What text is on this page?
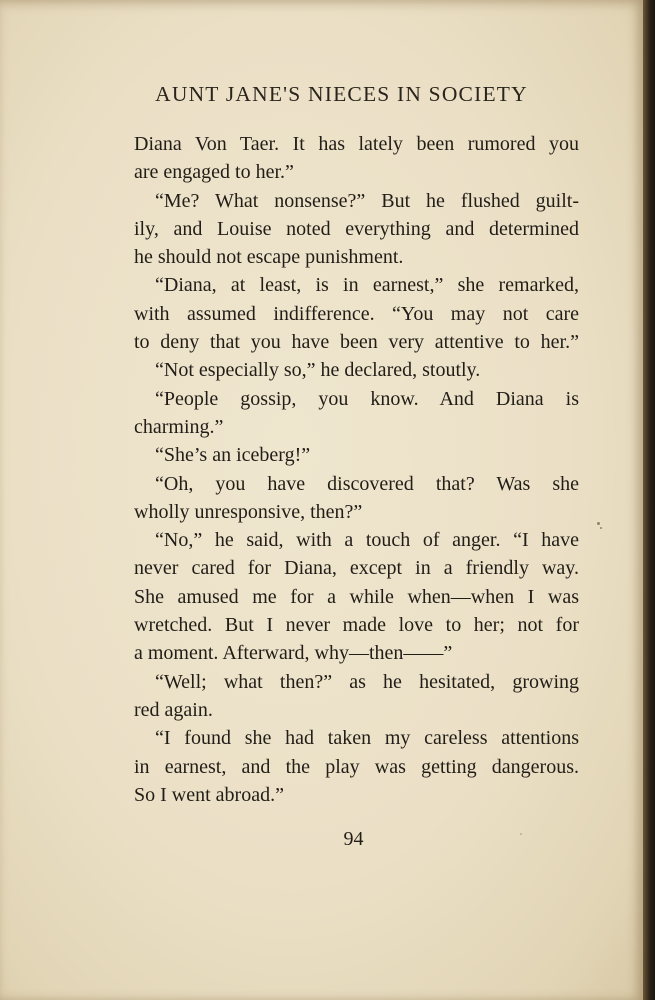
AUNT JANE'S NIECES IN SOCIETY
Diana Von Taer. It has lately been rumored you
are engaged to her.”
“Me? What nonsense?” But he flushed guilt-
ily, and Louise noted everything and determined
he should not escape punishment.
“Diana, at least, is in earnest,” she remarked,
with assumed indifference. “You may not care
to deny that you have been very attentive to her.”
“Not especially so,” he declared, stoutly.
“People gossip, you know. And Diana is
charming.”
“She’s an iceberg!”
“Oh, you have discovered that? Was she
wholly unresponsive, then?”
“No,” he said, with a touch of anger. “I have
never cared for Diana, except in a friendly way.
She amused me for a while when—when I was
wretched. But I never made love to her; not for
a moment. Afterward, why—then——”
“Well; what then?” as he hesitated, growing
red again.
“I found she had taken my careless attentions
in earnest, and the play was getting dangerous.
So I went abroad.”
94
